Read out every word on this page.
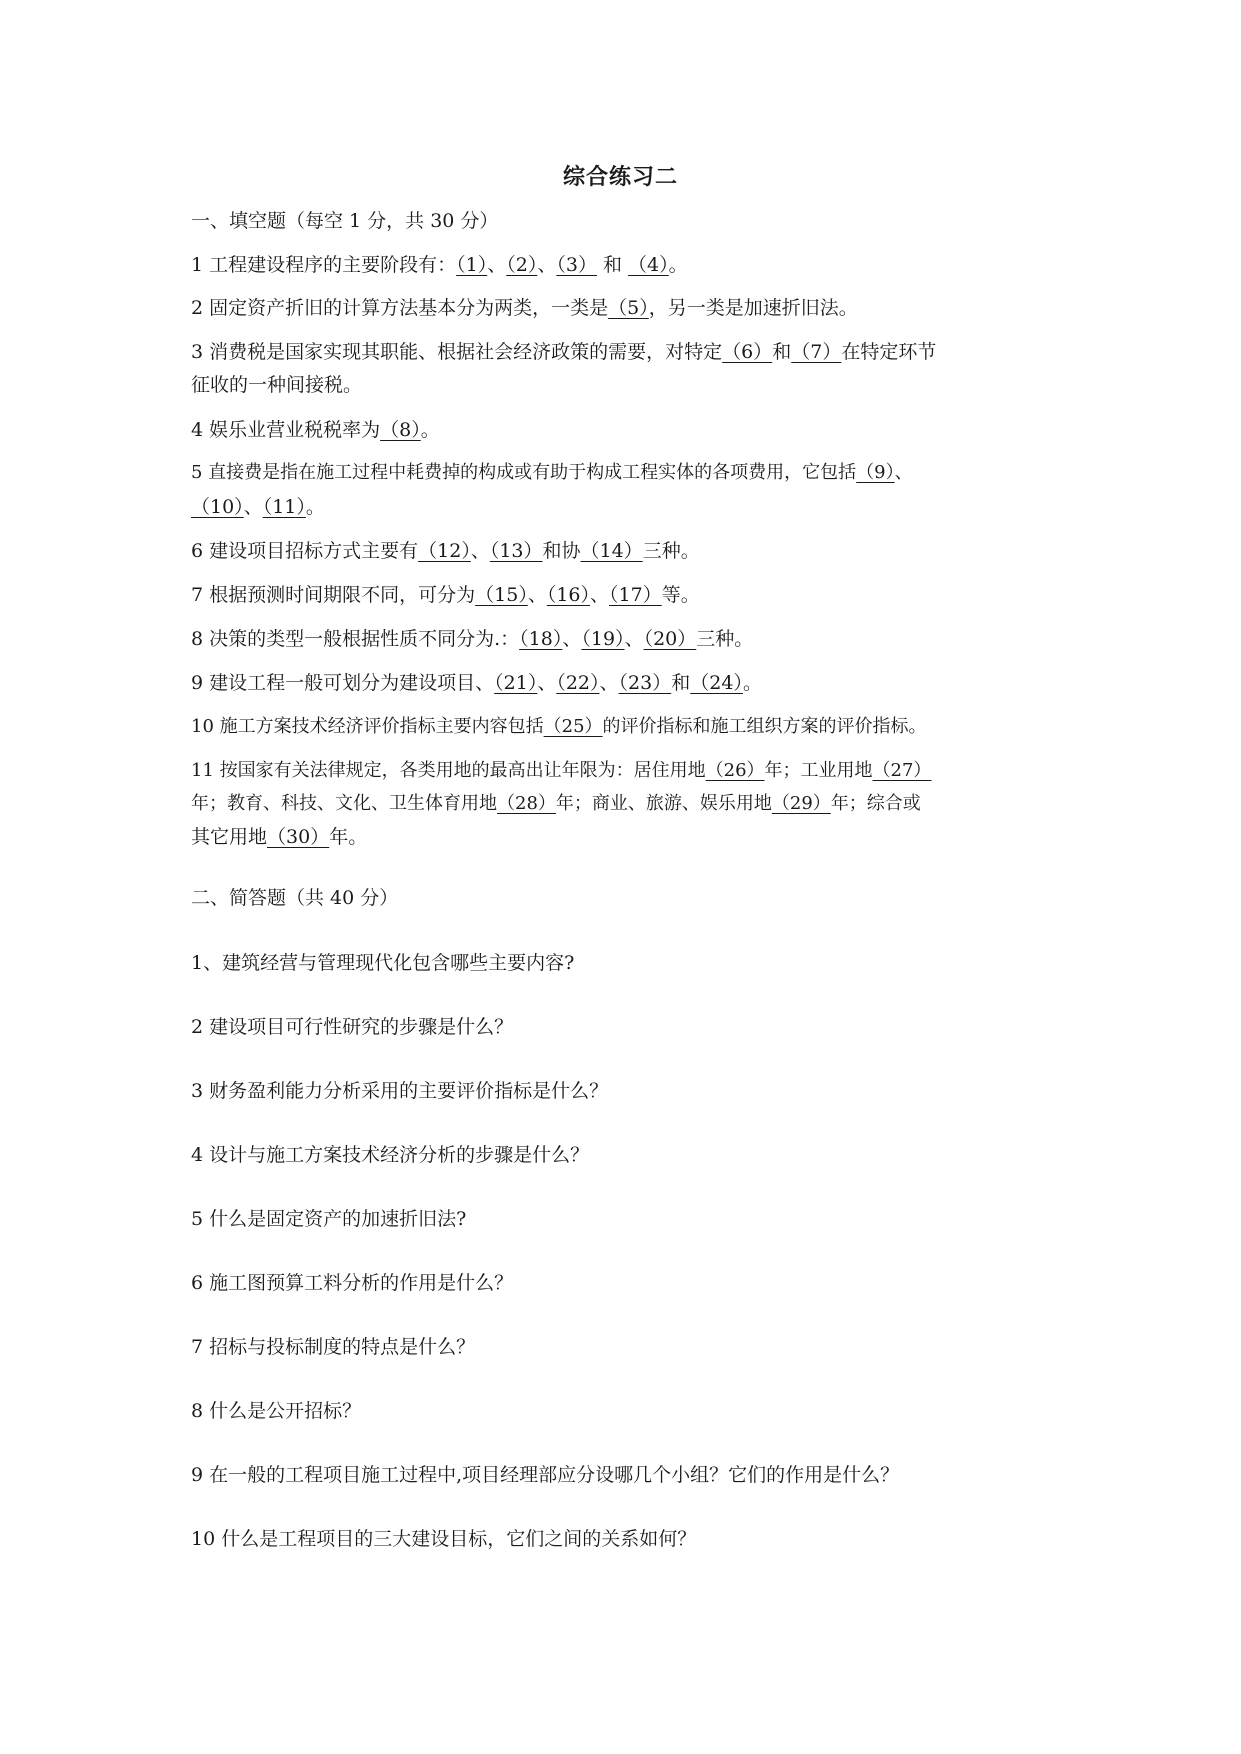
综合练习二
一、填空题（每空 1 分，共 30 分）
1 工程建设程序的主要阶段有：（1）、（2）、（3） 和 （4）。
2 固定资产折旧的计算方法基本分为两类，一类是（5），另一类是加速折旧法。
3 消费税是国家实现其职能、根据社会经济政策的需要，对特定（6）和（7）在特定环节
征收的一种间接税。
4 娱乐业营业税税率为（8）。
5 直接费是指在施工过程中耗费掉的构成或有助于构成工程实体的各项费用，它包括（9）、
（10）、（11）。
6 建设项目招标方式主要有（12）、（13）和协（14）三种。
7 根据预测时间期限不同，可分为（15）、（16）、（17）等。
8 决策的类型一般根据性质不同分为.：（18）、（19）、（20）三种。
9 建设工程一般可划分为建设项目、（21）、（22）、（23）和（24）。
10 施工方案技术经济评价指标主要内容包括（25）的评价指标和施工组织方案的评价指标。
11 按国家有关法律规定，各类用地的最高出让年限为：居住用地（26）年；工业用地（27）
年；教育、科技、文化、卫生体育用地（28）年；商业、旅游、娱乐用地（29）年；综合或
其它用地（30）年。
二、简答题（共 40 分）
1、建筑经营与管理现代化包含哪些主要内容?
2 建设项目可行性研究的步骤是什么？
3 财务盈利能力分析采用的主要评价指标是什么？
4 设计与施工方案技术经济分析的步骤是什么？
5 什么是固定资产的加速折旧法?
6 施工图预算工料分析的作用是什么？
7 招标与投标制度的特点是什么？
8 什么是公开招标？
9 在一般的工程项目施工过程中,项目经理部应分设哪几个小组？它们的作用是什么？
10 什么是工程项目的三大建设目标，它们之间的关系如何？
